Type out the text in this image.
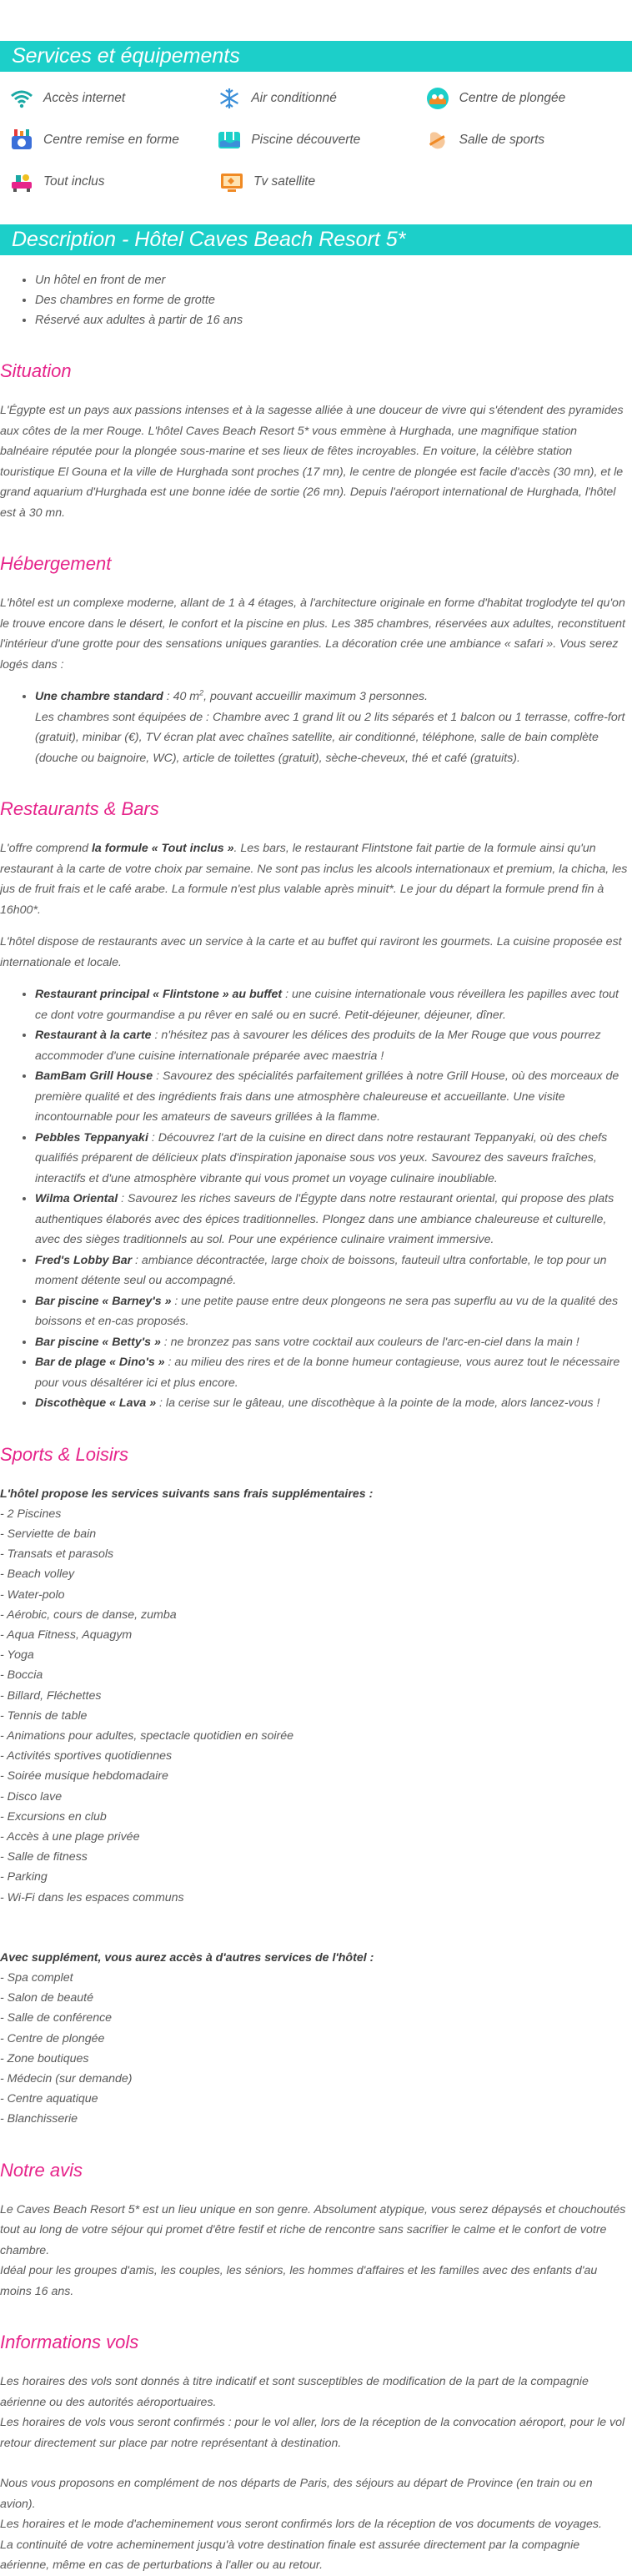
Services et équipements
Accès internet	Air conditionné	Centre de plongée
Centre remise en forme	Piscine découverte	Salle de sports
Tout inclus	Tv satellite
Description - Hôtel Caves Beach Resort 5*
• Un hôtel en front de mer
• Des chambres en forme de grotte
• Réservé aux adultes à partir de 16 ans
Situation

L'Égypte est un pays aux passions intenses et à la sagesse alliée à une douceur de vivre qui s'étendent des pyramides aux côtes de la mer Rouge. L'hôtel Caves Beach Resort 5* vous emmène à Hurghada, une magnifique station balnéaire réputée pour la plongée sous-marine et ses lieux de fêtes incroyables. En voiture, la célèbre station touristique El Gouna et la ville de Hurghada sont proches (17 mn), le centre de plongée est facile d'accès (30 mn), et le grand aquarium d'Hurghada est une bonne idée de sortie (26 mn). Depuis l'aéroport international de Hurghada, l'hôtel est à 30 mn.

Hébergement

L'hôtel est un complexe moderne, allant de 1 à 4 étages, à l'architecture originale en forme d'habitat troglodyte tel qu'on le trouve encore dans le désert, le confort et la piscine en plus. Les 385 chambres, réservées aux adultes, reconstituent l'intérieur d'une grotte pour des sensations uniques garanties. La décoration crée une ambiance « safari ». Vous serez logés dans :

• Une chambre standard : 40 $m^2$, pouvant accueillir maximum 3 personnes.
Les chambres sont équipées de : Chambre avec 1 grand lit ou 2 lits séparés et 1 balcon ou 1 terrasse, coffre-fort (gratuit), minibar (€), TV écran plat avec chaînes satellite, air conditionné, téléphone, salle de bain complète (douche ou baignoire, WC), article de toilettes (gratuit), sèche-cheveux, thé et café (gratuits).
Restaurants & Bars

L'offre comprend la formule « Tout inclus ». Les bars, le restaurant Flintstone fait partie de la formule ainsi qu'un restaurant à la carte de votre choix par semaine. Ne sont pas inclus les alcools internationaux et premium, la chicha, les jus de fruit frais et le café arabe. La formule n'est plus valable après minuit*. Le jour du départ la formule prend fin à 16h00*.

L'hôtel dispose de restaurants avec un service à la carte et au buffet qui raviront les gourmets. La cuisine proposée est internationale et locale.

• Restaurant principal « Flintstone » au buffet : une cuisine internationale vous réveillera les papilles avec tout ce dont votre gourmandise a pu rêver en salé ou en sucré. Petit-déjeuner, déjeuner, dîner.
• Restaurant à la carte : n'hésitez pas à savourer les délices des produits de la Mer Rouge que vous pourrez accommoder d'une cuisine internationale préparée avec maestria !
• BamBam Grill House : Savourez des spécialités parfaitement grillées à notre Grill House, où des morceaux de première qualité et des ingrédients frais dans une atmosphère chaleureuse et accueillante. Une visite incontournable pour les amateurs de saveurs grillées à la flamme.
• Pebbles Teppanyaki : Découvrez l'art de la cuisine en direct dans notre restaurant Teppanyaki, où des chefs qualifiés préparent de délicieux plats d'inspiration japonaise sous vos yeux. Savourez des saveurs fraîches, interactifs et d'une atmosphère vibrante qui vous promet un voyage culinaire inoubliable.
• Wilma Oriental : Savourez les riches saveurs de l'Égypte dans notre restaurant oriental, qui propose des plats authentiques élaborés avec des épices traditionnelles. Plongez dans une ambiance chaleureuse et culturelle, avec des sièges traditionnels au sol. Pour une expérience culinaire vraiment immersive.
• Fred's Lobby Bar : ambiance décontractée, large choix de boissons, fauteuil ultra confortable, le top pour un moment détente seul ou accompagné.
• Bar piscine « Barney's » : une petite pause entre deux plongeons ne sera pas superflu au vu de la qualité des boissons et en-cas proposés.
• Bar piscine « Betty's » : ne bronzez pas sans votre cocktail aux couleurs de l'arc-en-ciel dans la main !
• Bar de plage « Dino's » : au milieu des rires et de la bonne humeur contagieuse, vous aurez tout le nécessaire pour vous désaltérer ici et plus encore.
• Discothèque « Lava » : la cerise sur le gâteau, une discothèque à la pointe de la mode, alors lancez-vous !
Sports & Loisirs
L'hôtel propose les services suivants sans frais supplémentaires :
- 2 Piscines
- Serviette de bain
- Transats et parasols
- Beach volley
- Water-polo
- Aérobic, cours de danse, zumba
- Aqua Fitness, Aquagym
- Yoga
- Boccia
- Billard, Fléchettes
- Tennis de table
- Animations pour adultes, spectacle quotidien en soirée
- Activités sportives quotidiennes
- Soirée musique hebdomadaire
- Disco lave
- Excursions en club
- Accès à une plage privée
- Salle de fitness
- Parking
- Wi-Fi dans les espaces communs
Avec supplément, vous aurez accès à d'autres services de l'hôtel :
- Spa complet
- Salon de beauté
- Salle de conférence
- Centre de plongée
- Zone boutiques
- Médecin (sur demande)
- Centre aquatique
- Blanchisserie
Notre avis

Le Caves Beach Resort 5* est un lieu unique en son genre. Absolument atypique, vous serez dépaysés et chouchoutés tout au long de votre séjour qui promet d'être festif et riche de rencontre sans sacrifier le calme et le confort de votre chambre.

Idéal pour les groupes d'amis, les couples, les séniors, les hommes d'affaires et les familles avec des enfants d'au moins 16 ans.

Informations vols

Les horaires des vols sont donnés à titre indicatif et sont susceptibles de modification de la part de la compagnie aérienne ou des autorités aéroportuaires.

Les horaires de vols vous seront confirmés : pour le vol aller, lors de la réception de la convocation aéroport, pour le vol retour directement sur place par notre représentant à destination.

Nous vous proposons en complément de nos départs de Paris, des séjours au départ de Province (en train ou en avion).

Les horaires et le mode d'acheminement vous seront confirmés lors de la réception de vos documents de voyages.

La continuité de votre acheminement jusqu'à votre destination finale est assurée directement par la compagnie aérienne, même en cas de perturbations à l'aller ou au retour.
